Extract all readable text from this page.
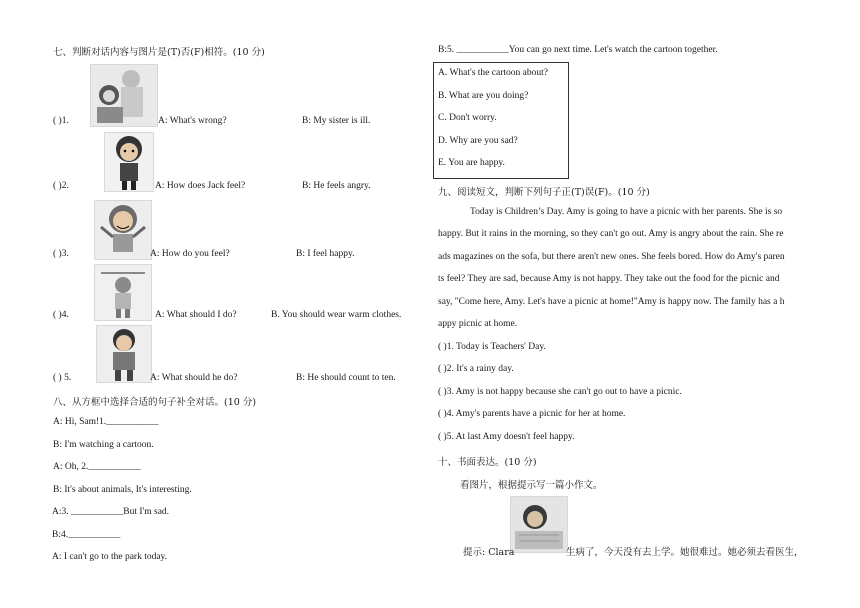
七、判断对话内容与图片是(T)否(F)相符。(10 分)
( )1.	A: What's wrong?	B: My sister is ill.
( )2.	A: How does Jack feel?	B: He feels angry.
( )3.	A: How do you feel?	B: I feel happy.
( )4.	A: What should I do?	B. You should wear warm clothes.
( ) 5.	A: What should he do?	B: He should count to ten.
八、从方框中选择合适的句子补全对话。(10 分)
A: Hi, Sam!1.___________
B: I'm watching a cartoon.
A: Oh, 2.___________
B: It's about animals, It's interesting.
A:3. ___________But I'm sad.
B:4.___________
A: I can't go to the park today.
B:5. ___________You can go next time. Let's watch the cartoon together.
A. What's the cartoon about?
B. What are you doing?
C. Don't worry.
D. Why are you sad?
E. You are happy.
九、阅读短文，判断下列句子正(T)误(F)。(10 分)
Today is Children’s Day. Amy is going to have a picnic with her parents. She is so
happy. But it rains in the morning, so they can't go out. Amy is angry about the rain. She re
ads magazines on the sofa, but there aren't new ones. She feels bored. How do Amy's paren
ts feel? They are sad, because Amy is not happy. They take out the food for the picnic and
say, "Come here, Amy. Let's have a picnic at home!"Amy is happy now. The family has a h
appy picnic at home.
( )1. Today is Teachers' Day.
( )2. It's a rainy day.
( )3. Amy is not happy because she can't go out to have a picnic.
( )4. Amy's parents have a picnic for her at home.
( )5. At last Amy doesn't feel happy.
十、书面表达。(10 分)
看图片，根据提示写一篇小作文。
提示: Clara	生病了，今天没有去上学。她很难过。她必须去看医生，
